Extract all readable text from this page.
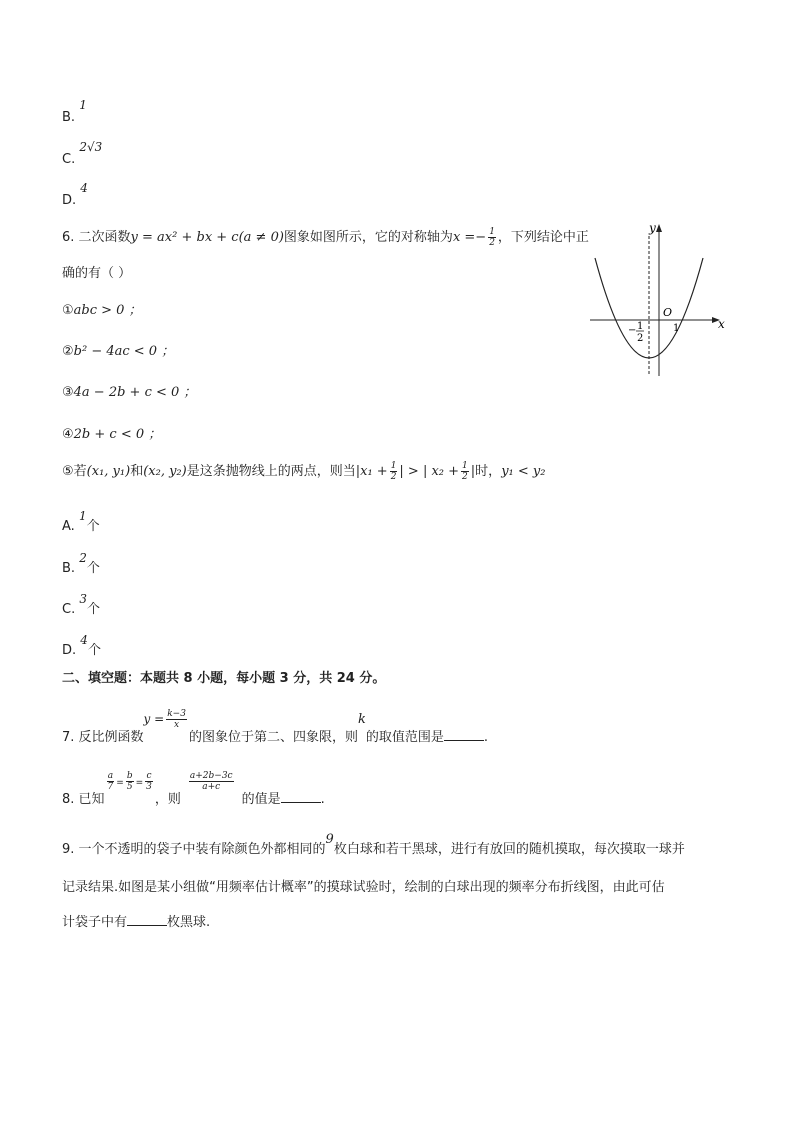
B. 1
C. 2√3
D. 4
6. 二次函数y = ax² + bx + c(a ≠ 0)图象如图所示，它的对称轴为$x =- \frac{1}{2}$ ，下列结论中正
确的有（ ）
①abc > 0 ；
②b² − 4ac < 0 ；
③4a − 2b + c < 0 ；
④2b + c < 0 ；
⑤若(x₁, y₁)和(x₂, y₂)是这条抛物线上的两点，则当$|x_1 + \frac{1}{2}$ | > | $x_2 + \frac{1}{2}$ |时，y₁ < y₂
y
x
O
1
− 1
2
A. 1个
B. 2个
C. 3个
D. 4个
二、填空题：本题共 8 小题，每小题 3 分，共 24 分。
7. 反比例函数$y = \frac{k-3}{x}$
的图象位于第二、四象限，则k的取值范围是	.
8. 已知
$\frac{a}{7} = \frac{b}{5} = \frac{c}{3}$
，则
$\frac{a+2b-3c}{a+c}$
的值是	.
9. 一个不透明的袋子中装有除颜色外都相同的9枚白球和若干黑球，进行有放回的随机摸取，每次摸取一球并
记录结果.如图是某小组做“用频率估计概率”的摸球试验时，绘制的白球出现的频率分布折线图，由此可估
计袋子中有	枚黑球.
